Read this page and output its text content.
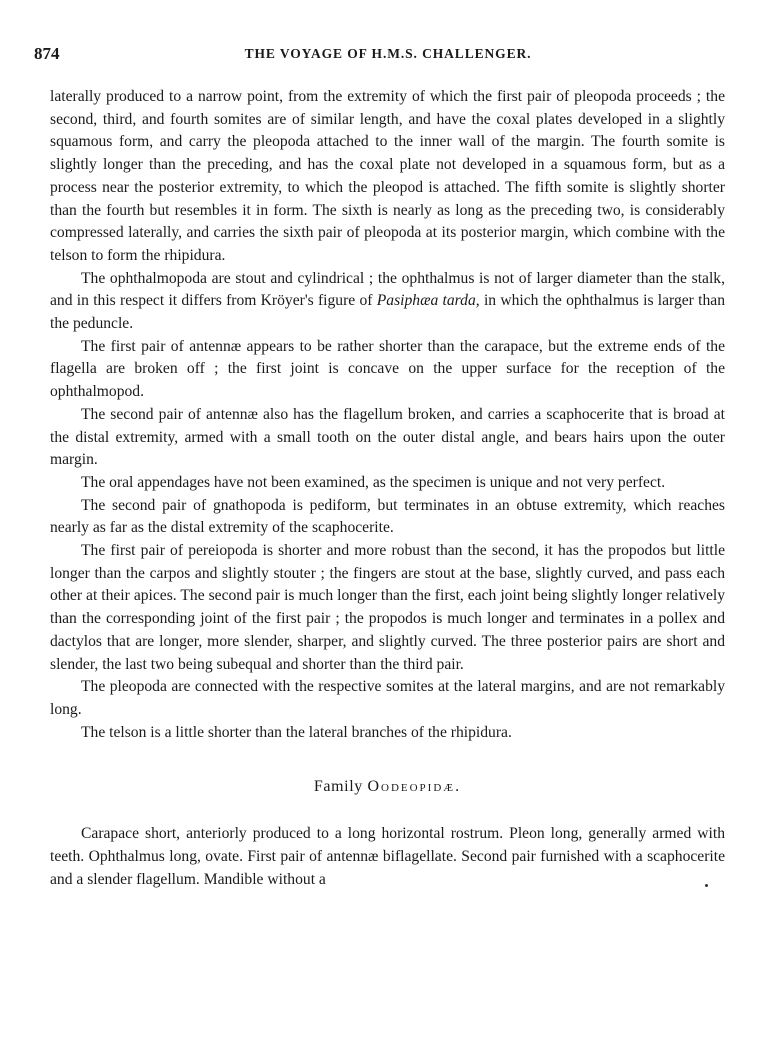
874	THE VOYAGE OF H.M.S. CHALLENGER.

laterally produced to a narrow point, from the extremity of which the first pair of pleopoda proceeds ; the second, third, and fourth somites are of similar length, and have the coxal plates developed in a slightly squamous form, and carry the pleopoda attached to the inner wall of the margin. The fourth somite is slightly longer than the preceding, and has the coxal plate not developed in a squamous form, but as a process near the posterior extremity, to which the pleopod is attached. The fifth somite is slightly shorter than the fourth but resembles it in form. The sixth is nearly as long as the preceding two, is considerably compressed laterally, and carries the sixth pair of pleopoda at its posterior margin, which combine with the telson to form the rhipidura.

The ophthalmopoda are stout and cylindrical ; the ophthalmus is not of larger diameter than the stalk, and in this respect it differs from Kröyer's figure of Pasiphæa tarda, in which the ophthalmus is larger than the peduncle.

The first pair of antennæ appears to be rather shorter than the carapace, but the extreme ends of the flagella are broken off ; the first joint is concave on the upper surface for the reception of the ophthalmopod.

The second pair of antennæ also has the flagellum broken, and carries a scaphocerite that is broad at the distal extremity, armed with a small tooth on the outer distal angle, and bears hairs upon the outer margin.

The oral appendages have not been examined, as the specimen is unique and not very perfect.

The second pair of gnathopoda is pediform, but terminates in an obtuse extremity, which reaches nearly as far as the distal extremity of the scaphocerite.

The first pair of pereiopoda is shorter and more robust than the second, it has the propodos but little longer than the carpos and slightly stouter ; the fingers are stout at the base, slightly curved, and pass each other at their apices. The second pair is much longer than the first, each joint being slightly longer relatively than the corresponding joint of the first pair ; the propodos is much longer and terminates in a pollex and dactylos that are longer, more slender, sharper, and slightly curved. The three posterior pairs are short and slender, the last two being subequal and shorter than the third pair.

The pleopoda are connected with the respective somites at the lateral margins, and are not remarkably long.

The telson is a little shorter than the lateral branches of the rhipidura.

Family Oodeopidæ.

Carapace short, anteriorly produced to a long horizontal rostrum. Pleon long, generally armed with teeth. Ophthalmus long, ovate. First pair of antennæ biflagellate. Second pair furnished with a scaphocerite and a slender flagellum. Mandible without a
